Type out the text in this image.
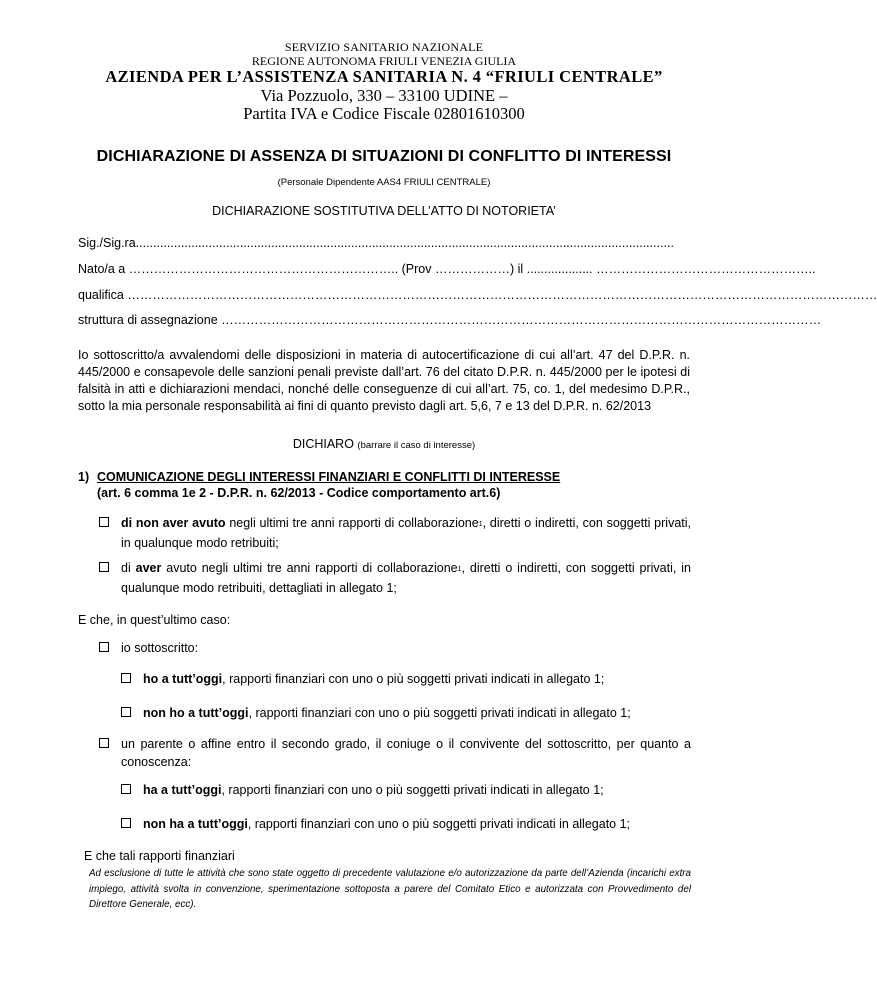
SERVIZIO SANITARIO NAZIONALE
REGIONE AUTONOMA FRIULI VENEZIA GIULIA
AZIENDA PER L’ASSISTENZA SANITARIA N. 4 “FRIULI CENTRALE”
Via Pozzuolo, 330 – 33100 UDINE –
Partita IVA e Codice Fiscale 02801610300
DICHIARAZIONE DI ASSENZA DI SITUAZIONI DI CONFLITTO DI INTERESSI
(Personale Dipendente AAS4 FRIULI CENTRALE)
DICHIARAZIONE SOSTITUTIVA DELL’ATTO DI NOTORIETA’
Sig./Sig.ra...........................................................................................................................................................
Nato/a a ……………………………………………………….. (Prov ………………) il ................... ……………………………………………..
qualifica ………………………………………………………………………………………………………………………………………………………………
struttura di assegnazione ………………………………………………………………………………………………………………………………
Io sottoscritto/a avvalendomi delle disposizioni in materia di autocertificazione di cui all’art. 47 del D.P.R. n. 445/2000 e consapevole delle sanzioni penali previste dall’art. 76 del citato D.P.R. n. 445/2000 per le ipotesi di falsità in atti e dichiarazioni mendaci, nonché delle conseguenze di cui all’art. 75, co. 1, del medesimo D.P.R., sotto la mia personale responsabilità ai fini di quanto previsto dagli art. 5,6, 7 e 13 del D.P.R. n. 62/2013
DICHIARO (barrare il caso di interesse)
1) COMUNICAZIONE DEGLI INTERESSI FINANZIARI E CONFLITTI DI INTERESSE
(art. 6 comma 1e 2 - D.P.R. n. 62/2013 - Codice comportamento art.6)
di non aver avuto negli ultimi tre anni rapporti di collaborazione1, diretti o indiretti, con soggetti privati, in qualunque modo retribuiti;
di aver avuto negli ultimi tre anni rapporti di collaborazione1, diretti o indiretti, con soggetti privati, in qualunque modo retribuiti, dettagliati in allegato 1;
E che, in quest’ultimo caso:
io sottoscritto:
ho a tutt’oggi, rapporti finanziari con uno o più soggetti privati indicati in allegato 1;
non ho a tutt’oggi, rapporti finanziari con uno o più soggetti privati indicati in allegato 1;
un parente o affine entro il secondo grado, il coniuge o il convivente del sottoscritto, per quanto a conoscenza:
ha a tutt’oggi, rapporti finanziari con uno o più soggetti privati indicati in allegato 1;
non ha a tutt’oggi, rapporti finanziari con uno o più soggetti privati indicati in allegato 1;
E che tali rapporti finanziari
Ad esclusione di tutte le attività che sono state oggetto di precedente valutazione e/o autorizzazione da parte dell’Azienda (incarichi extra impiego, attività svolta in convenzione, sperimentazione sottoposta a parere del Comitato Etico e autorizzata con Provvedimento del Direttore Generale, ecc).
